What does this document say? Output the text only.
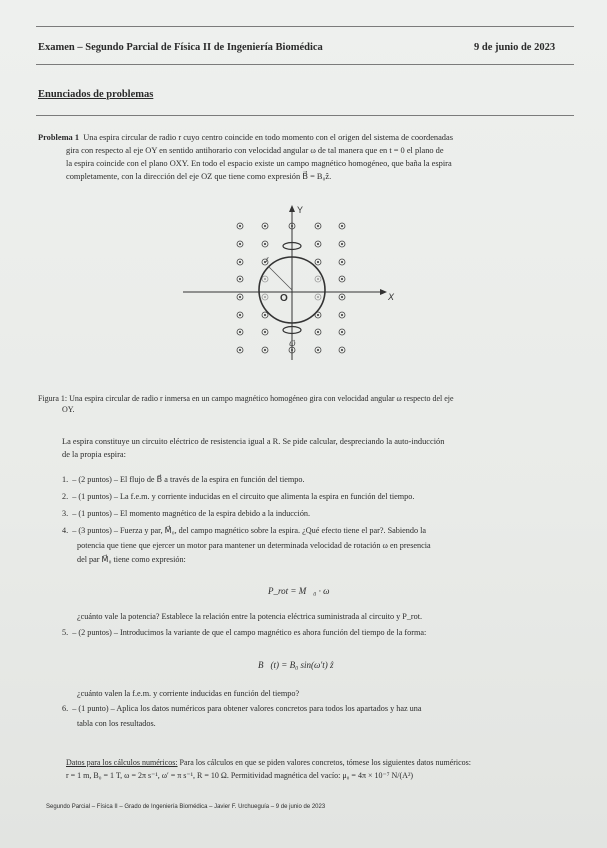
Examen – Segundo Parcial de Física II de Ingeniería Biomédica	9 de junio de 2023
Enunciados de problemas
Problema 1 Una espira circular de radio r cuyo centro coincide en todo momento con el origen del sistema de coordenadas
gira con respecto al eje OY en sentido antihorario con velocidad angular ω de tal manera que en t = 0 el plano de
la espira coincide con el plano OXY. En todo el espacio existe un campo magnético homogéneo, que baña la espira
completamente, con la dirección del eje OZ que tiene como expresión B⃗ = B₀ẑ.
Y
X
O
r
ω⃗
Figura 1: Una espira circular de radio r inmersa en un campo magnético homogéneo gira con velocidad angular ω respecto del eje
OY.
La espira constituye un circuito eléctrico de resistencia igual a R. Se pide calcular, despreciando la auto-inducción
de la propia espira:
1. – (2 puntos) – El flujo de B⃗ a través de la espira en función del tiempo.
2. – (1 puntos) – La f.e.m. y corriente inducidas en el circuito que alimenta la espira en función del tiempo.
3. – (1 puntos) – El momento magnético de la espira debido a la inducción.
4. – (3 puntos) – Fuerza y par, M⃗₀, del campo magnético sobre la espira. ¿Qué efecto tiene el par?. Sabiendo la
potencia que tiene que ejercer un motor para mantener un determinada velocidad de rotación ω en presencia
del par M⃗₀ tiene como expresión:
P_rot = M⃗₀ · ω⃗
¿cuánto vale la potencia? Establece la relación entre la potencia eléctrica suministrada al circuito y P_rot.
5. – (2 puntos) – Introducimos la variante de que el campo magnético es ahora función del tiempo de la forma:
B⃗(t) = B₀ sin(ω′t) ẑ
¿cuánto valen la f.e.m. y corriente inducidas en función del tiempo?
6. – (1 punto) – Aplica los datos numéricos para obtener valores concretos para todos los apartados y haz una
tabla con los resultados.
Datos para los cálculos numéricos: Para los cálculos en que se piden valores concretos, tómese los siguientes datos numéricos:
r = 1 m, B₀ = 1 T, ω = 2π s⁻¹, ω′ = π s⁻¹, R = 10 Ω. Permitividad magnética del vacío: μ₀ = 4π × 10⁻⁷ N/(A²)
Segundo Parcial – Física II – Grado de Ingeniería Biomédica – Javier F. Urchueguía – 9 de junio de 2023
